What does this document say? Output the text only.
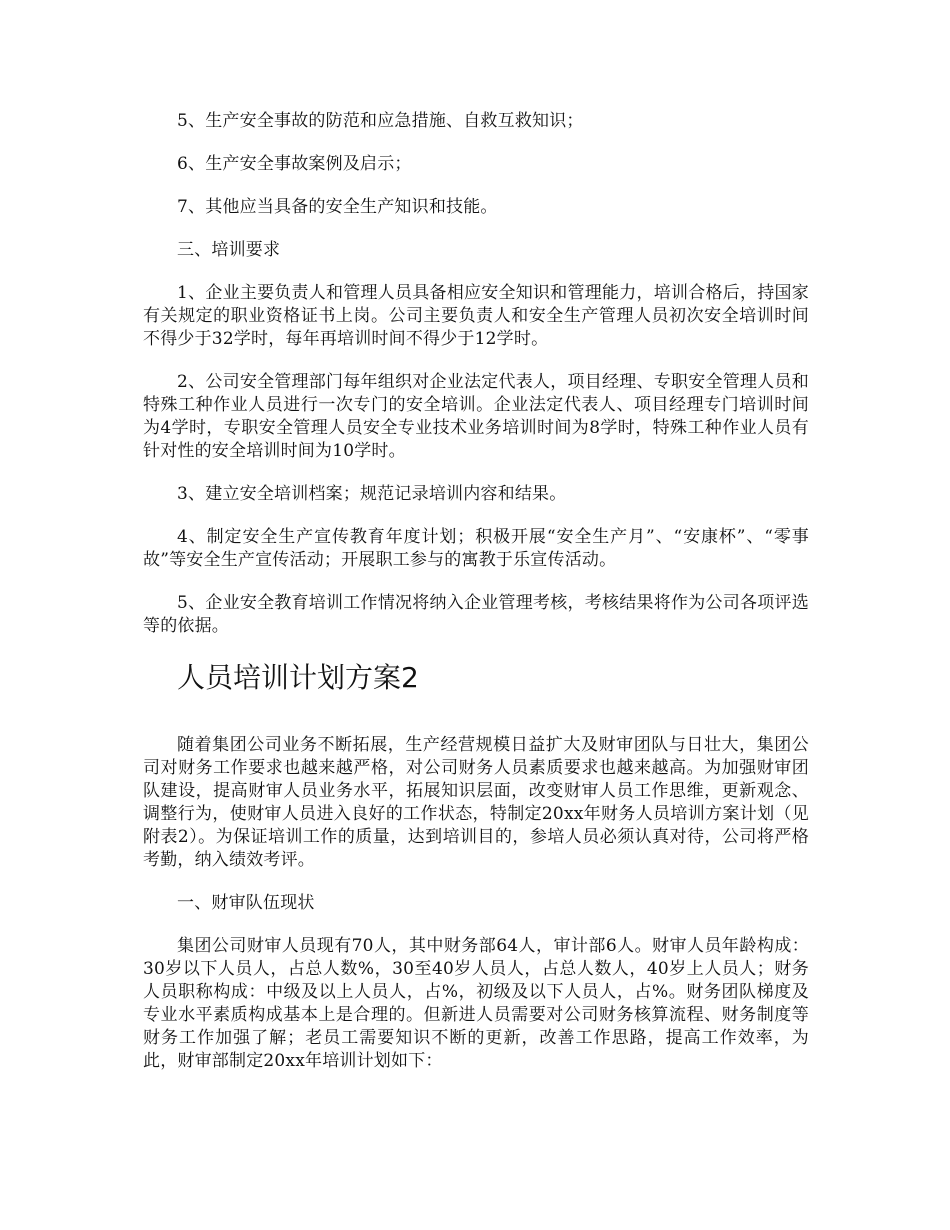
5、生产安全事故的防范和应急措施、自救互救知识；

6、生产安全事故案例及启示；

7、其他应当具备的安全生产知识和技能。

三、培训要求

1、企业主要负责人和管理人员具备相应安全知识和管理能力，培训合格后，持国家有关规定的职业资格证书上岗。公司主要负责人和安全生产管理人员初次安全培训时间不得少于32学时，每年再培训时间不得少于12学时。

2、公司安全管理部门每年组织对企业法定代表人，项目经理、专职安全管理人员和特殊工种作业人员进行一次专门的安全培训。企业法定代表人、项目经理专门培训时间为4学时，专职安全管理人员安全专业技术业务培训时间为8学时，特殊工种作业人员有针对性的安全培训时间为10学时。

3、建立安全培训档案；规范记录培训内容和结果。

4、制定安全生产宣传教育年度计划；积极开展“安全生产月”、“安康杯”、“零事故”等安全生产宣传活动；开展职工参与的寓教于乐宣传活动。

5、企业安全教育培训工作情况将纳入企业管理考核，考核结果将作为公司各项评选等的依据。

人员培训计划方案2

随着集团公司业务不断拓展，生产经营规模日益扩大及财审团队与日壮大，集团公司对财务工作要求也越来越严格，对公司财务人员素质要求也越来越高。为加强财审团队建设，提高财审人员业务水平，拓展知识层面，改变财审人员工作思维，更新观念、调整行为，使财审人员进入良好的工作状态，特制定20xx年财务人员培训方案计划（见附表2）。为保证培训工作的质量，达到培训目的，参培人员必须认真对待，公司将严格考勤，纳入绩效考评。

一、财审队伍现状

集团公司财审人员现有70人，其中财务部64人，审计部6人。财审人员年龄构成：30岁以下人员人，占总人数%，30至40岁人员人，占总人数人，40岁上人员人；财务人员职称构成：中级及以上人员人，占%，初级及以下人员人，占%。财务团队梯度及专业水平素质构成基本上是合理的。但新进人员需要对公司财务核算流程、财务制度等财务工作加强了解；老员工需要知识不断的更新，改善工作思路，提高工作效率，为此，财审部制定20xx年培训计划如下：
